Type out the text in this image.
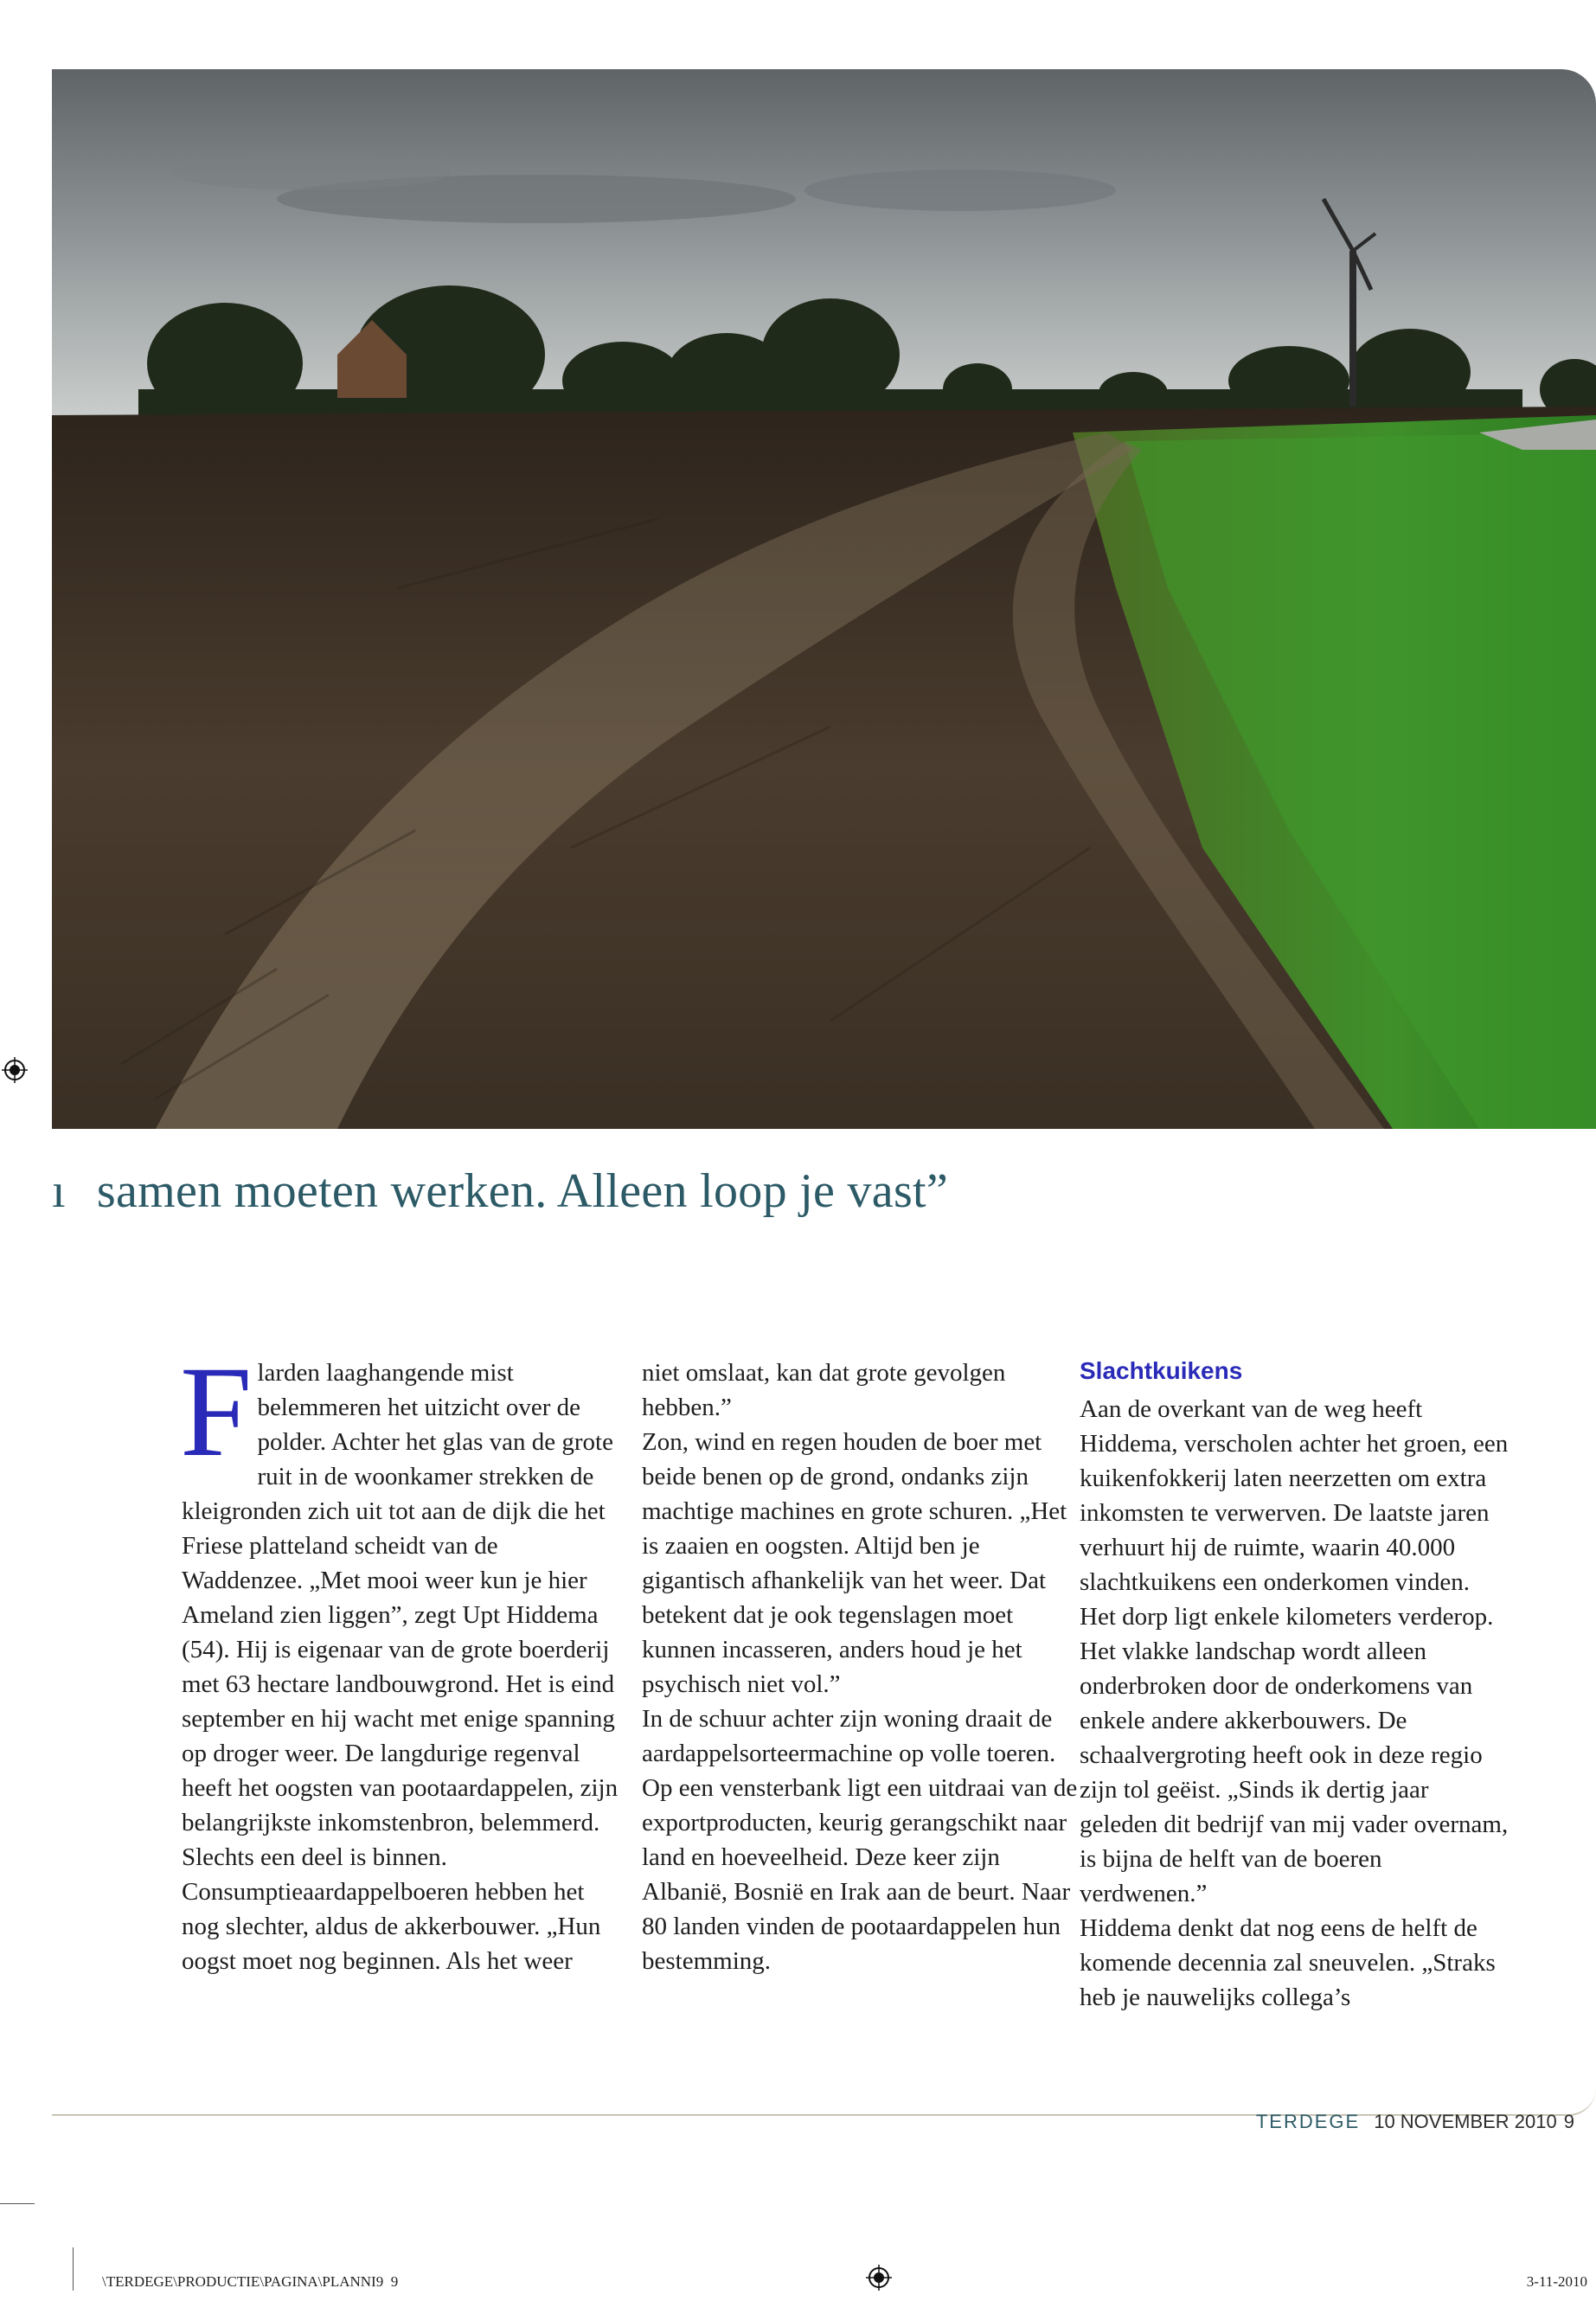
ı samen moeten werken. Alleen loop je vast”

Flarden laaghangende mist belemmeren het uitzicht over de polder. Achter het glas van de grote ruit in de woonkamer strekken de kleigronden zich uit tot aan de dijk die het Friese platteland scheidt van de Waddenzee. „Met mooi weer kun je hier Ameland zien liggen”, zegt Upt Hiddema (54). Hij is eigenaar van de grote boerderij met 63 hectare landbouwgrond. Het is eind september en hij wacht met enige spanning op droger weer. De langdurige regenval heeft het oogsten van pootaardappelen, zijn belangrijkste inkomstenbron, belemmerd. Slechts een deel is binnen. Consumptieaardappelboeren hebben het nog slechter, aldus de akkerbouwer. „Hun oogst moet nog beginnen. Als het weer

niet omslaat, kan dat grote gevolgen hebben.”

Zon, wind en regen houden de boer met beide benen op de grond, ondanks zijn machtige machines en grote schuren. „Het is zaaien en oogsten. Altijd ben je gigantisch afhankelijk van het weer. Dat betekent dat je ook tegenslagen moet kunnen incasseren, anders houd je het psychisch niet vol.”

In de schuur achter zijn woning draait de aardappelsorteermachine op volle toeren. Op een vensterbank ligt een uitdraai van de exportproducten, keurig gerangschikt naar land en hoeveelheid. Deze keer zijn Albanië, Bosnië en Irak aan de beurt. Naar 80 landen vinden de pootaardappelen hun bestemming.

Slachtkuikens

Aan de overkant van de weg heeft Hiddema, verscholen achter het groen, een kuikenfokkerij laten neerzetten om extra inkomsten te verwerven. De laatste jaren verhuurt hij de ruimte, waarin 40.000 slachtkuikens een onderkomen vinden. Het dorp ligt enkele kilometers verderop. Het vlakke landschap wordt alleen onderbroken door de onderkomens van enkele andere akkerbouwers. De schaalvergroting heeft ook in deze regio zijn tol geëist. „Sinds ik dertig jaar geleden dit bedrijf van mij vader overnam, is bijna de helft van de boeren verdwenen.”

Hiddema denkt dat nog eens de helft de komende decennia zal sneuvelen. „Straks heb je nauwelijks collega’s

TERDEGE 10 NOVEMBER 2010 9
\TERDEGE\PRODUCTIE\PAGINA\PLANNI9 9	3-11-2010
